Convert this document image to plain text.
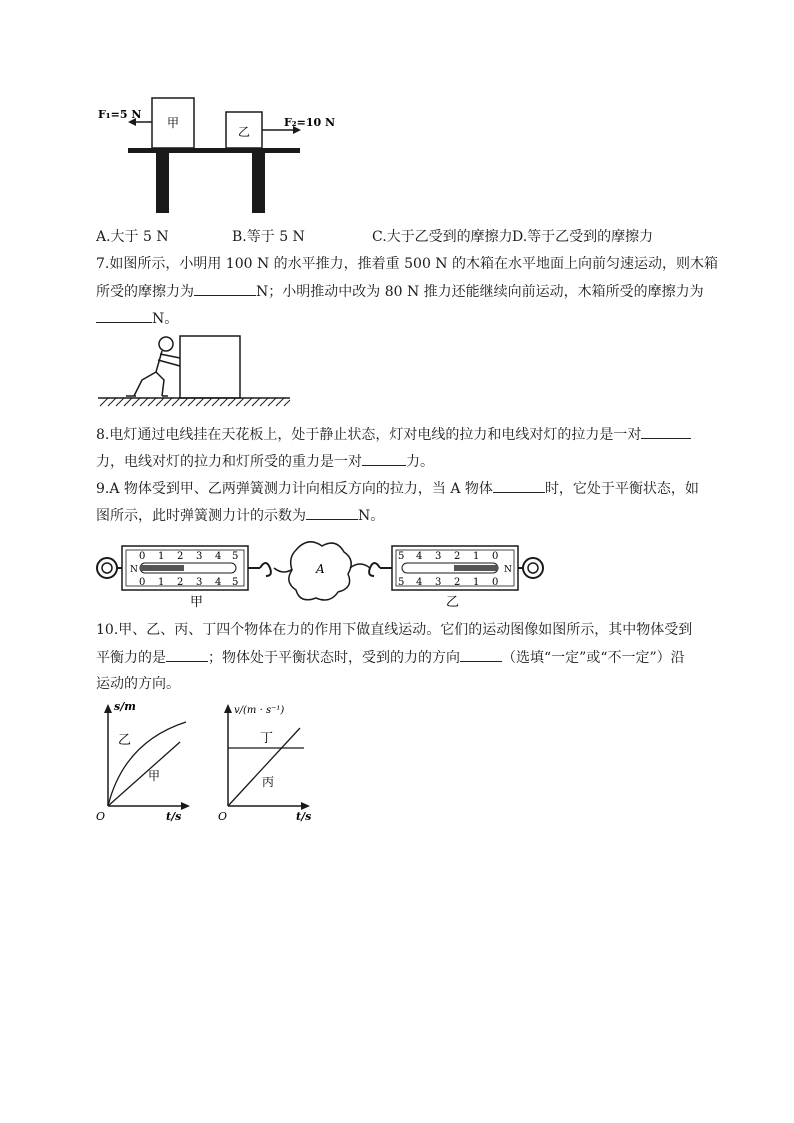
甲
乙
F₁=5 N
F₂=10 N
A.大于 5 N	B.等于 5 N	C.大于乙受到的摩擦力 D.等于乙受到的摩擦力
7.如图所示，小明用 100 N 的水平推力，推着重 500 N 的木箱在水平地面上向前匀速运动，则木箱
所受的摩擦力为	N；小明推动中改为 80 N 推力还能继续向前运动，木箱所受的摩擦力为
N。
8.电灯通过电线挂在天花板上，处于静止状态，灯对电线的拉力和电线对灯的拉力是一对
力，电线对灯的拉力和灯所受的重力是一对	力。
9.A 物体受到甲、乙两弹簧测力计向相反方向的拉力，当 A 物体	时，它处于平衡状态，如
图所示，此时弹簧测力计的示数为	N。
N
0 1 2 3 4 5
0 1 2 3 4 5
A
5 4 3 2 1 0
5 4 3 2 1 0
N
甲	乙
10.甲、乙、丙、丁四个物体在力的作用下做直线运动。它们的运动图像如图所示，其中物体受到
平衡力的是	；物体处于平衡状态时，受到的力的方向	（选填“一定”或“不一定”）沿
运动的方向。
s/m
t/s
O
乙
甲
v/(m · s⁻¹)
t/s
O
丁
丙
